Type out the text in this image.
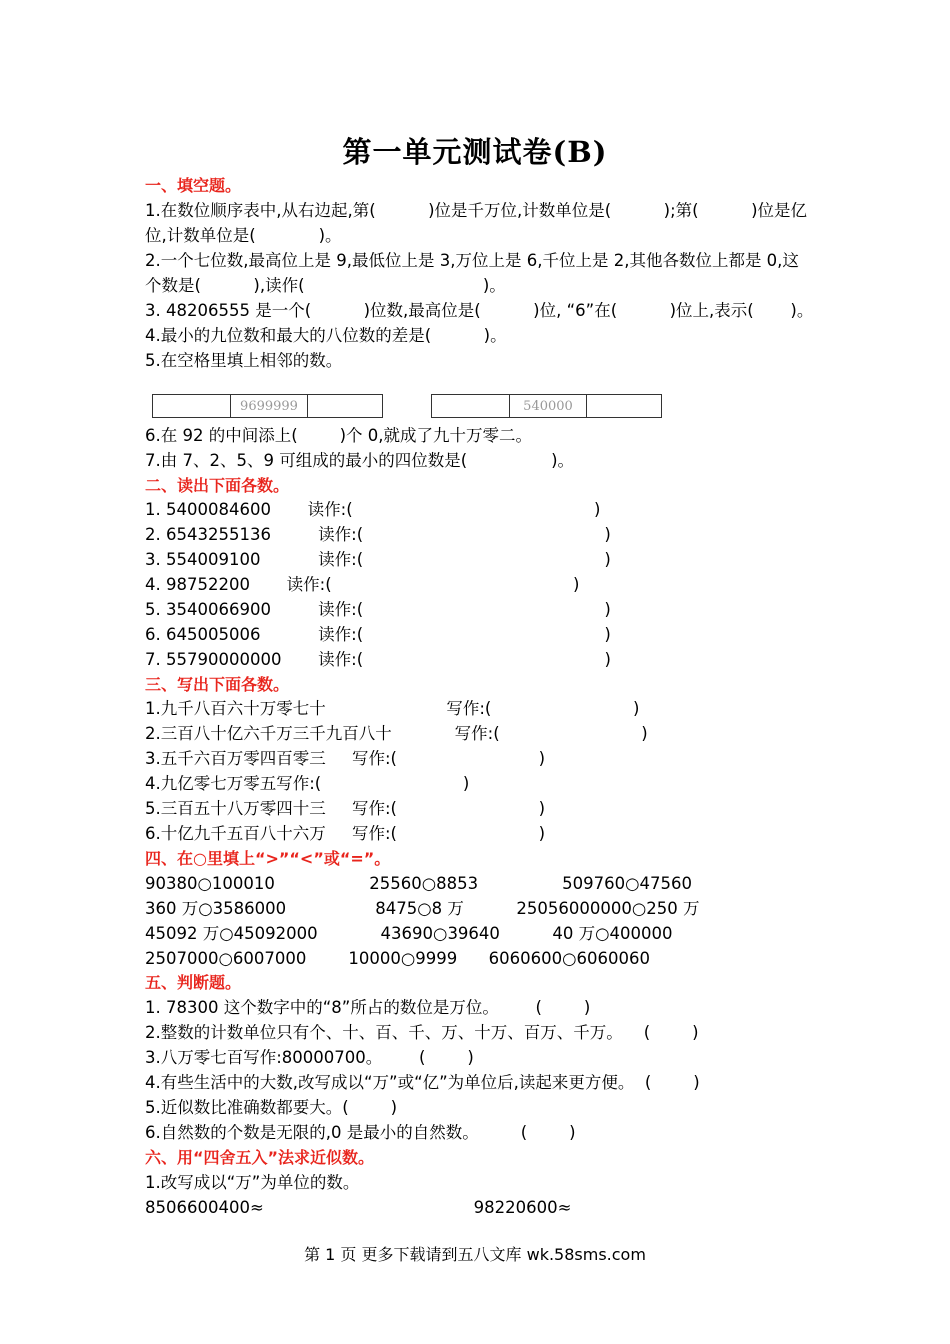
第一单元测试卷(B)
一、填空题。
1.在数位顺序表中,从右边起,第(          )位是千万位,计数单位是(          );第(          )位是亿
位,计数单位是(            )。
2.一个七位数,最高位上是 9,最低位上是 3,万位上是 6,千位上是 2,其他各数位上都是 0,这
个数是(          ),读作(                                  )。
3. 48206555 是一个(          )位数,最高位是(          )位, “6”在(          )位上,表示(       )。
4.最小的九位数和最大的八位数的差是(          )。
5.在空格里填上相邻的数。
9699999	540000
6.在 92 的中间添上(        )个 0,就成了九十万零二。
7.由 7、2、5、9 可组成的最小的四位数是(                )。
二、读出下面各数。
1. 5400084600       读作:(                                              )
2. 6543255136         读作:(                                              )
3. 554009100           读作:(                                              )
4. 98752200       读作:(                                              )
5. 3540066900         读作:(                                              )
6. 645005006           读作:(                                              )
7. 55790000000       读作:(                                              )
三、写出下面各数。
1.九千八百六十万零七十                       写作:(                           )
2.三百八十亿六千万三千九百八十            写作:(                           )
3.五千六百万零四百零三     写作:(                           )
4.九亿零七万零五写作:(                           )
5.三百五十八万零四十三     写作:(                           )
6.十亿九千五百八十六万     写作:(                           )
四、在○里填上“>”“<”或“=”。
90380○100010                  25560○8853                509760○47560
360 万○3586000                 8475○8 万          25056000000○250 万
45092 万○45092000            43690○39640          40 万○400000
2507000○6007000        10000○9999      6060600○6060060
五、判断题。
1. 78300 这个数字中的“8”所占的数位是万位。       (        )
2.整数的计数单位只有个、十、百、千、万、十万、百万、千万。    (        )
3.八万零七百写作:80000700。       (        )
4.有些生活中的大数,改写成以“万”或“亿”为单位后,读起来更方便。  (        )
5.近似数比准确数都要大。(        )
6.自然数的个数是无限的,0 是最小的自然数。        (        )
六、用“四舍五入”法求近似数。
1.改写成以“万”为单位的数。
8506600400≈                                        98220600≈
第 1 页 更多下载请到五八文库 wk.58sms.com
